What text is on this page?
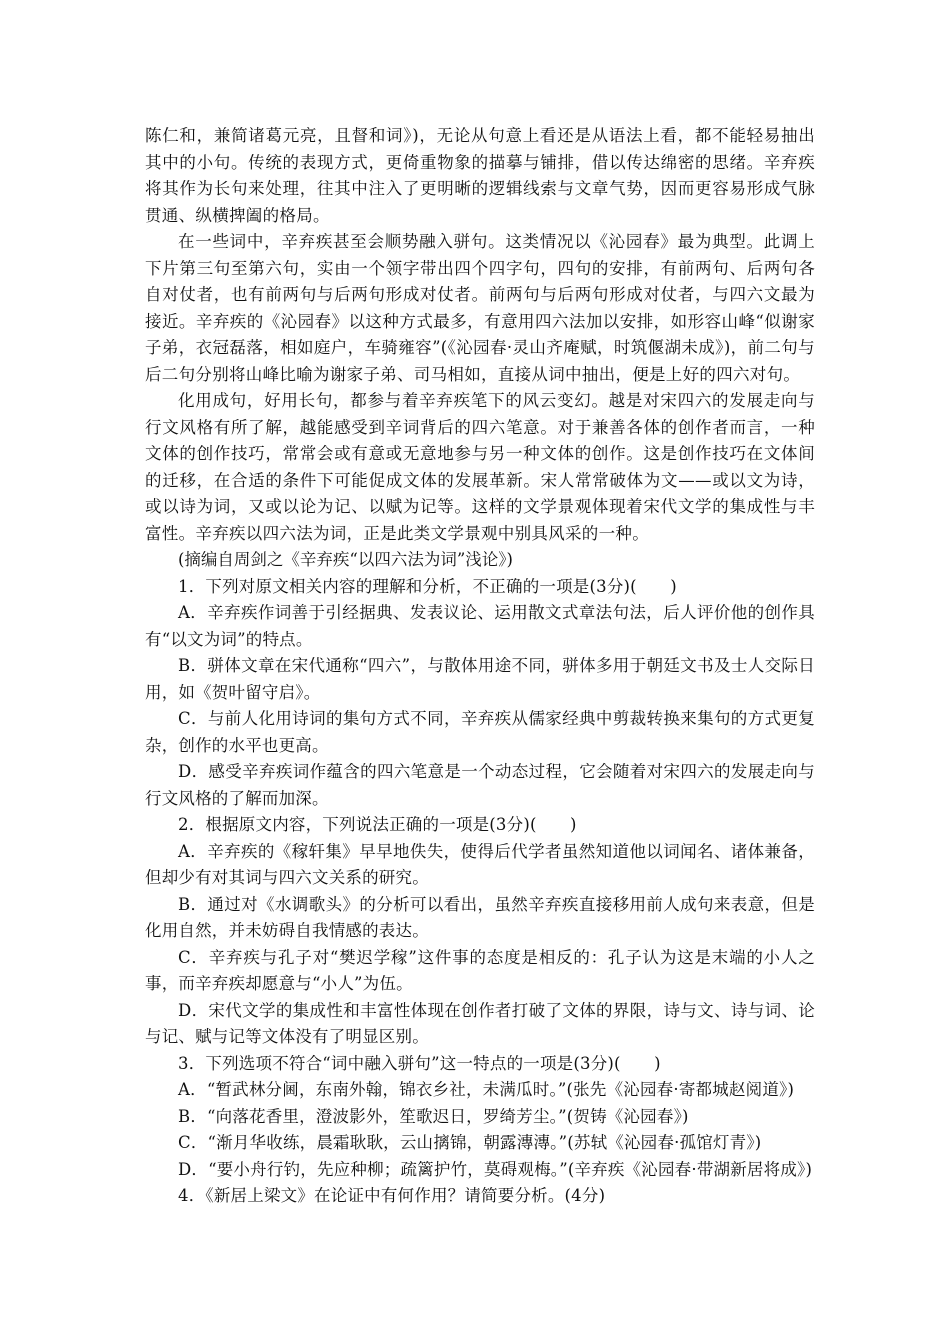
陈仁和，兼简诸葛元亮，且督和词》)，无论从句意上看还是从语法上看，都不能轻易抽出其中的小句。传统的表现方式，更倚重物象的描摹与铺排，借以传达绵密的思绪。辛弃疾将其作为长句来处理，往其中注入了更明晰的逻辑线索与文章气势，因而更容易形成气脉贯通、纵横捭阖的格局。

在一些词中，辛弃疾甚至会顺势融入骈句。这类情况以《沁园春》最为典型。此调上下片第三句至第六句，实由一个领字带出四个四字句，四句的安排，有前两句、后两句各自对仗者，也有前两句与后两句形成对仗者。前两句与后两句形成对仗者，与四六文最为接近。辛弃疾的《沁园春》以这种方式最多，有意用四六法加以安排，如形容山峰“似谢家子弟，衣冠磊落，相如庭户，车骑雍容”(《沁园春·灵山齐庵赋，时筑偃湖未成》)，前二句与后二句分别将山峰比喻为谢家子弟、司马相如，直接从词中抽出，便是上好的四六对句。

化用成句，好用长句，都参与着辛弃疾笔下的风云变幻。越是对宋四六的发展走向与行文风格有所了解，越能感受到辛词背后的四六笔意。对于兼善各体的创作者而言，一种文体的创作技巧，常常会或有意或无意地参与另一种文体的创作。这是创作技巧在文体间的迁移，在合适的条件下可能促成文体的发展革新。宋人常常破体为文——或以文为诗，或以诗为词，又或以论为记、以赋为记等。这样的文学景观体现着宋代文学的集成性与丰富性。辛弃疾以四六法为词，正是此类文学景观中别具风采的一种。

(摘编自周剑之《辛弃疾“以四六法为词”浅论》)

1．下列对原文相关内容的理解和分析，不正确的一项是(3分)(　　)

A．辛弃疾作词善于引经据典、发表议论、运用散文式章法句法，后人评价他的创作具有“以文为词”的特点。

B．骈体文章在宋代通称“四六”，与散体用途不同，骈体多用于朝廷文书及士人交际日用，如《贺叶留守启》。

C．与前人化用诗词的集句方式不同，辛弃疾从儒家经典中剪裁转换来集句的方式更复杂，创作的水平也更高。

D．感受辛弃疾词作蕴含的四六笔意是一个动态过程，它会随着对宋四六的发展走向与行文风格的了解而加深。

2．根据原文内容，下列说法正确的一项是(3分)(　　)

A．辛弃疾的《稼轩集》早早地佚失，使得后代学者虽然知道他以词闻名、诸体兼备，但却少有对其词与四六文关系的研究。

B．通过对《水调歌头》的分析可以看出，虽然辛弃疾直接移用前人成句来表意，但是化用自然，并未妨碍自我情感的表达。

C．辛弃疾与孔子对“樊迟学稼”这件事的态度是相反的：孔子认为这是末端的小人之事，而辛弃疾却愿意与“小人”为伍。

D．宋代文学的集成性和丰富性体现在创作者打破了文体的界限，诗与文、诗与词、论与记、赋与记等文体没有了明显区别。

3．下列选项不符合“词中融入骈句”这一特点的一项是(3分)(　　)

A．“暂武林分阃，东南外翰，锦衣乡社，未满瓜时。”(张先《沁园春·寄都城赵阅道》)

B．“向落花香里，澄波影外，笙歌迟日，罗绮芳尘。”(贺铸《沁园春》)

C．“渐月华收练，晨霜耿耿，云山摛锦，朝露漙漙。”(苏轼《沁园春·孤馆灯青》)

D．“要小舟行钓，先应种柳；疏篱护竹，莫碍观梅。”(辛弃疾《沁园春·带湖新居将成》)

4．《新居上梁文》在论证中有何作用？请简要分析。(4分)
